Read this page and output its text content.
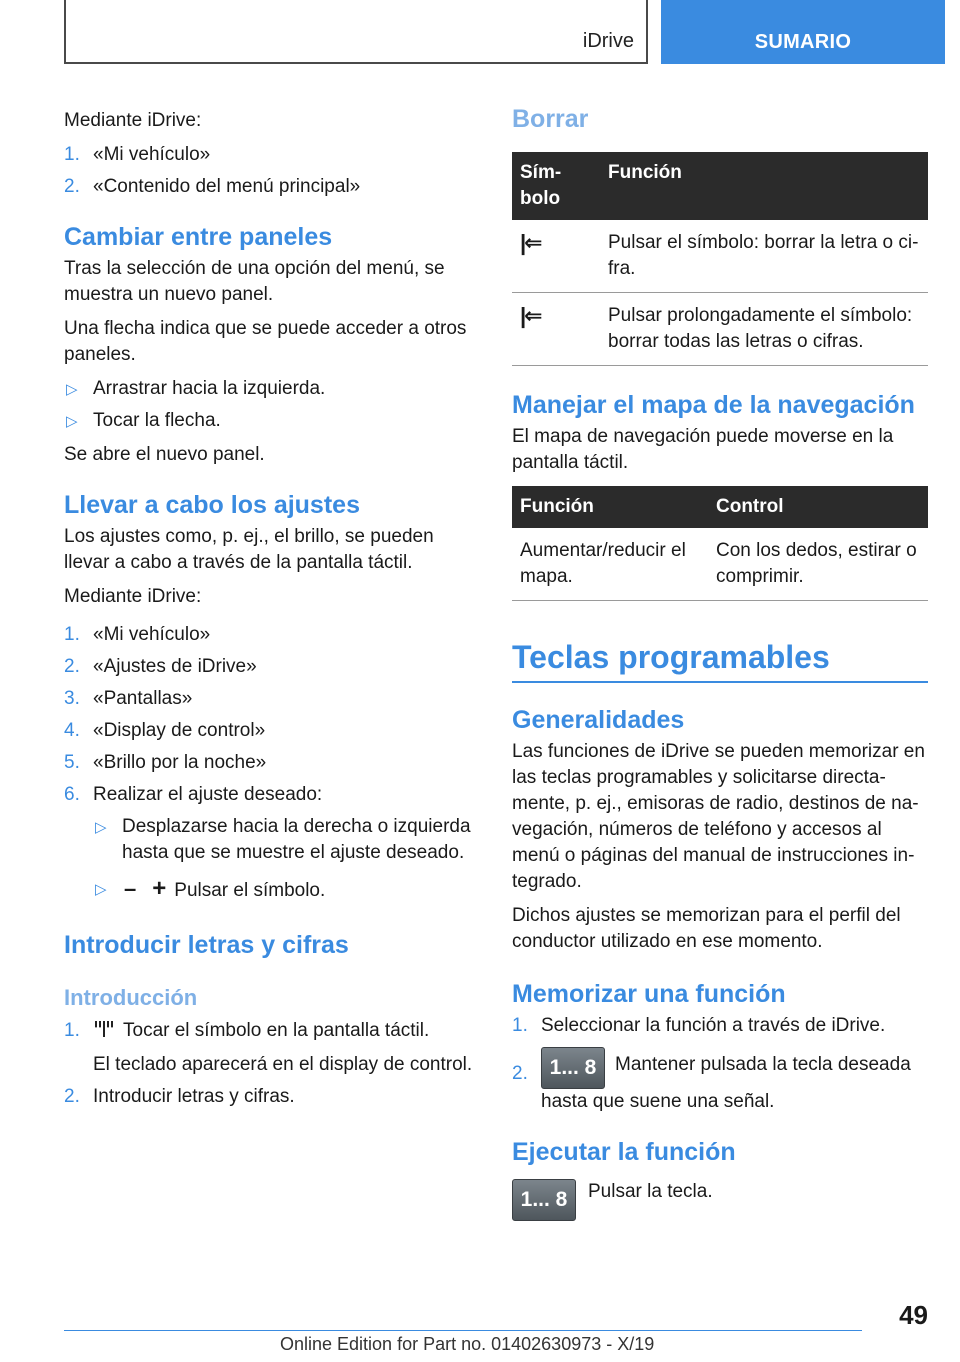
iDrive	SUMARIO

Mediante iDrive:

1. «Mi vehículo»
2. «Contenido del menú principal»
Cambiar entre paneles

Tras la selección de una opción del menú, se muestra un nuevo panel.

Una flecha indica que se puede acceder a otros paneles.

▷ Arrastrar hacia la izquierda.
▷ Tocar la flecha.

Se abre el nuevo panel.

Llevar a cabo los ajustes

Los ajustes como, p. ej., el brillo, se pueden llevar a cabo a través de la pantalla táctil.

Mediante iDrive:

1. «Mi vehículo»
2. «Ajustes de iDrive»
3. «Pantallas»
4. «Display de control»
5. «Brillo por la noche»
6. Realizar el ajuste deseado:
▷ Desplazarse hacia la derecha o izquierda hasta que se muestre el ajuste deseado.
▷ – + Pulsar el símbolo.
Introducir letras y cifras
Introducción
1. Tocar el símbolo en la pantalla táctil.

El teclado aparecerá en el display de control.

2. Introducir letras y cifras.
Borrar
Sím-
bolo	Función
|⇐	Pulsar el símbolo: borrar la letra o ci-
fra.
|⇐	Pulsar prolongadamente el símbolo: borrar todas las letras o cifras.
Manejar el mapa de la navegación

El mapa de navegación puede moverse en la pantalla táctil.

Función	Control
Aumentar/reducir el mapa.	Con los dedos, estirar o comprimir.
Teclas programables
Generalidades

Las funciones de iDrive se pueden memorizar en las teclas programables y solicitarse directa-
mente, p. ej., emisoras de radio, destinos de na-
vegación, números de teléfono y accesos al menú o páginas del manual de instrucciones in-
tegrado.

Dichos ajustes se memorizan para el perfil del conductor utilizado en ese momento.

Memorizar una función
1. Seleccionar la función a través de iDrive.
2. 1... 8 Mantener pulsada la tecla deseada hasta que suene una señal.
Ejecutar la función
1... 8	Pulsar la tecla.

49
Online Edition for Part no. 01402630973 - X/19
